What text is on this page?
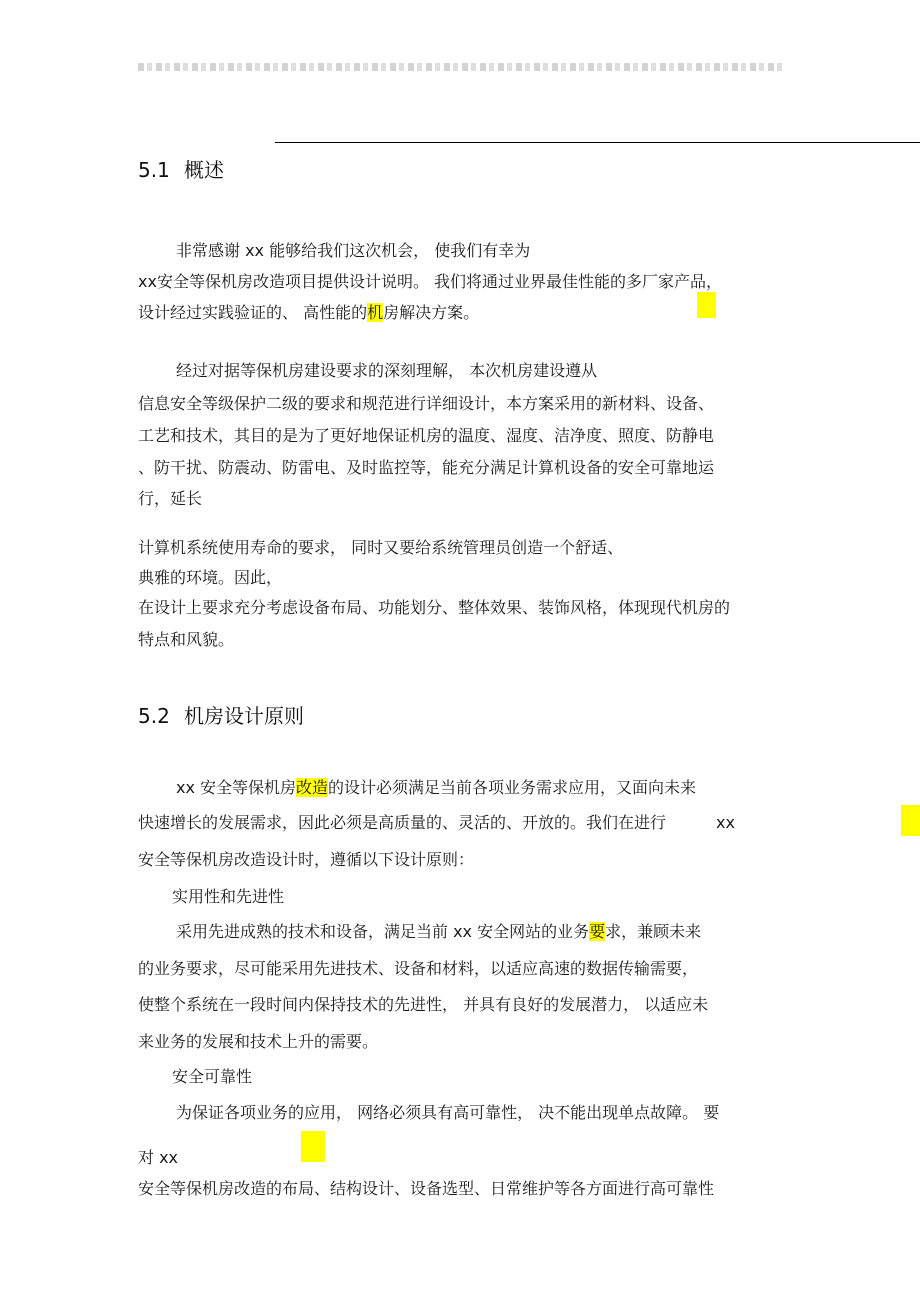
5.1 概述
非常感谢 xx 能够给我们这次机会， 使我们有幸为
xx安全等保机房改造项目提供设计说明。 我们将通过业界最佳性能的多厂家产品，
设计经过实践验证的、 高性能的机房解决方案。
经过对据等保机房建设要求的深刻理解， 本次机房建设遵从
信息安全等级保护二级的要求和规范进行详细设计，本方案采用的新材料、设备、
工艺和技术，其目的是为了更好地保证机房的温度、湿度、洁净度、照度、防静电
、防干扰、防震动、防雷电、及时监控等，能充分满足计算机设备的安全可靠地运
行，延长
计算机系统使用寿命的要求， 同时又要给系统管理员创造一个舒适、
典雅的环境。因此，
在设计上要求充分考虑设备布局、功能划分、整体效果、装饰风格，体现现代机房的
特点和风貌。
5.2 机房设计原则
xx 安全等保机房改造的设计必须满足当前各项业务需求应用，又面向未来
快速增长的发展需求，因此必须是高质量的、灵活的、开放的。我们在进行	xx
安全等保机房改造设计时，遵循以下设计原则：
实用性和先进性
采用先进成熟的技术和设备，满足当前 xx 安全网站的业务要求，兼顾未来
的业务要求，尽可能采用先进技术、设备和材料，以适应高速的数据传输需要，
使整个系统在一段时间内保持技术的先进性， 并具有良好的发展潜力， 以适应未
来业务的发展和技术上升的需要。
安全可靠性
为保证各项业务的应用， 网络必须具有高可靠性， 决不能出现单点故障。 要
对 xx
安全等保机房改造的布局、结构设计、设备选型、日常维护等各方面进行高可靠性
